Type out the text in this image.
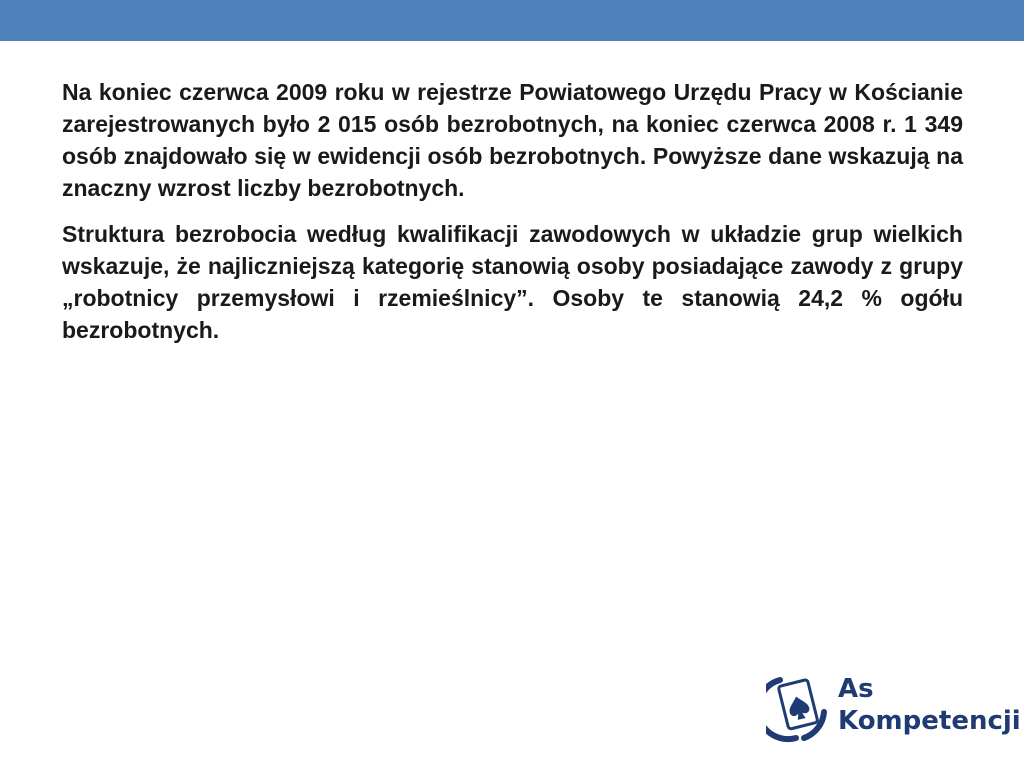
Na koniec czerwca 2009 roku w rejestrze Powiatowego Urzędu Pracy w Kościanie zarejestrowanych było 2 015 osób bezrobotnych, na koniec czerwca 2008 r. 1 349 osób znajdowało się w ewidencji osób bezrobotnych. Powyższe dane wskazują na znaczny wzrost liczby bezrobotnych.

Struktura bezrobocia według kwalifikacji zawodowych w układzie grup wielkich wskazuje, że najliczniejszą kategorię stanowią osoby posiadające zawody z grupy „robotnicy przemysłowi i rzemieślnicy”. Osoby te stanowią 24,2 % ogółu bezrobotnych.

As
Kompetencji
